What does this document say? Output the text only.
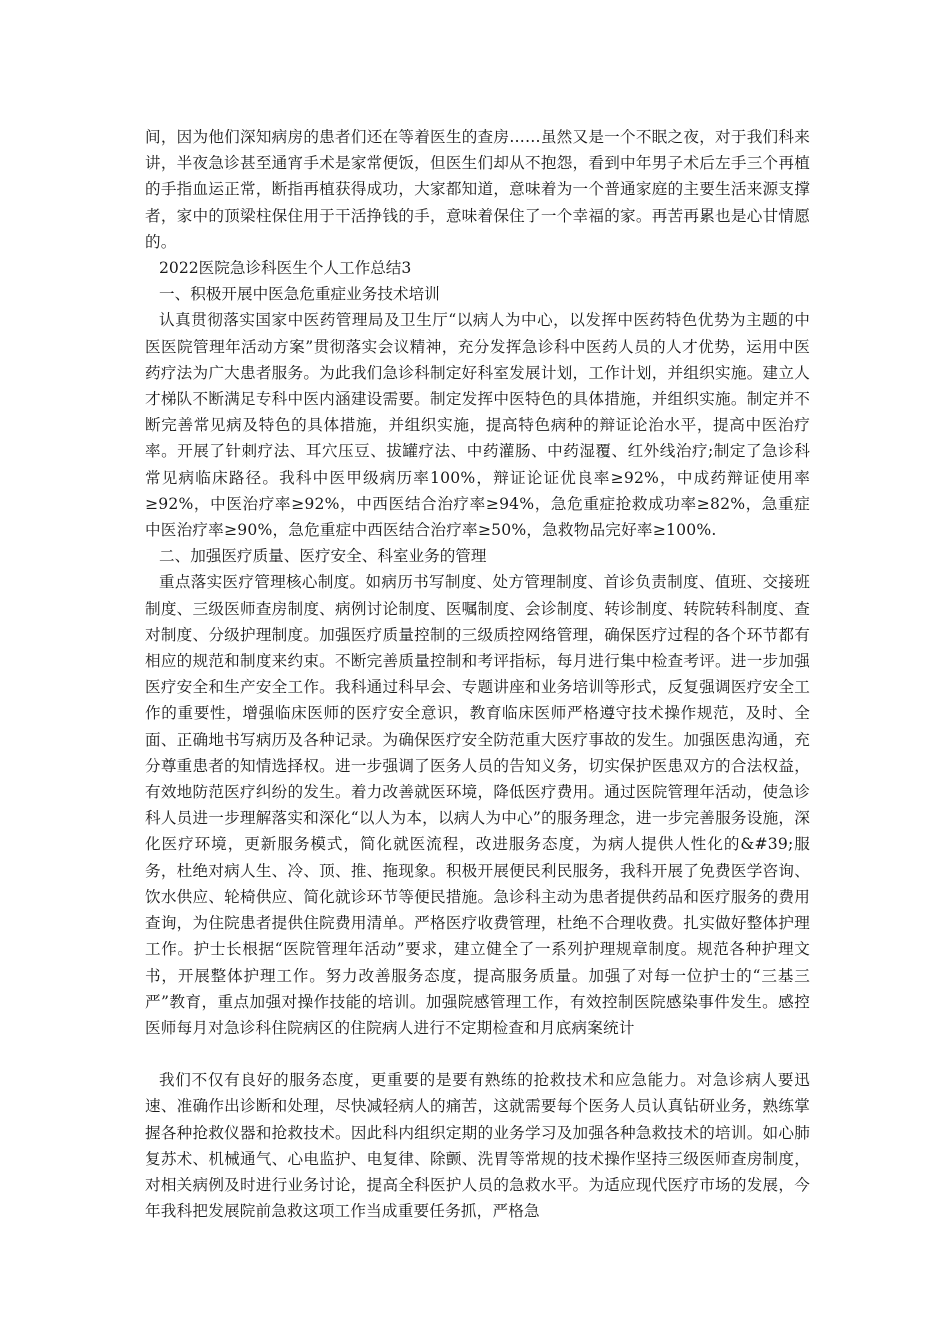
间，因为他们深知病房的患者们还在等着医生的查房……虽然又是一个不眠之夜，对于我们科来讲，半夜急诊甚至通宵手术是家常便饭，但医生们却从不抱怨，看到中年男子术后左手三个再植的手指血运正常，断指再植获得成功，大家都知道，意味着为一个普通家庭的主要生活来源支撑者，家中的顶梁柱保住用于干活挣钱的手，意味着保住了一个幸福的家。再苦再累也是心甘情愿的。

2022医院急诊科医生个人工作总结3

一、积极开展中医急危重症业务技术培训

认真贯彻落实国家中医药管理局及卫生厅“以病人为中心，以发挥中医药特色优势为主题的中医医院管理年活动方案”贯彻落实会议精神，充分发挥急诊科中医药人员的人才优势，运用中医药疗法为广大患者服务。为此我们急诊科制定好科室发展计划，工作计划，并组织实施。建立人才梯队不断满足专科中医内涵建设需要。制定发挥中医特色的具体措施，并组织实施。制定并不断完善常见病及特色的具体措施，并组织实施，提高特色病种的辩证论治水平，提高中医治疗率。开展了针刺疗法、耳穴压豆、拔罐疗法、中药灌肠、中药湿覆、红外线治疗;制定了急诊科常见病临床路径。我科中医甲级病历率100%，辩证论证优良率≥92%，中成药辩证使用率≥92%，中医治疗率≥92%，中西医结合治疗率≥94%，急危重症抢救成功率≥82%，急重症中医治疗率≥90%，急危重症中西医结合治疗率≥50%，急救物品完好率≥100%.

二、加强医疗质量、医疗安全、科室业务的管理

重点落实医疗管理核心制度。如病历书写制度、处方管理制度、首诊负责制度、值班、交接班制度、三级医师查房制度、病例讨论制度、医嘱制度、会诊制度、转诊制度、转院转科制度、查对制度、分级护理制度。加强医疗质量控制的三级质控网络管理，确保医疗过程的各个环节都有相应的规范和制度来约束。不断完善质量控制和考评指标，每月进行集中检查考评。进一步加强医疗安全和生产安全工作。我科通过科早会、专题讲座和业务培训等形式，反复强调医疗安全工作的重要性，增强临床医师的医疗安全意识，教育临床医师严格遵守技术操作规范，及时、全面、正确地书写病历及各种记录。为确保医疗安全防范重大医疗事故的发生。加强医患沟通，充分尊重患者的知情选择权。进一步强调了医务人员的告知义务，切实保护医患双方的合法权益，有效地防范医疗纠纷的发生。着力改善就医环境，降低医疗费用。通过医院管理年活动，使急诊科人员进一步理解落实和深化“以人为本，以病人为中心”的服务理念，进一步完善服务设施，深化医疗环境，更新服务模式，简化就医流程，改进服务态度，为病人提供人性化的&#39;服务，杜绝对病人生、冷、顶、推、拖现象。积极开展便民利民服务，我科开展了免费医学咨询、饮水供应、轮椅供应、简化就诊环节等便民措施。急诊科主动为患者提供药品和医疗服务的费用查询，为住院患者提供住院费用清单。严格医疗收费管理，杜绝不合理收费。扎实做好整体护理工作。护士长根据“医院管理年活动”要求，建立健全了一系列护理规章制度。规范各种护理文书，开展整体护理工作。努力改善服务态度，提高服务质量。加强了对每一位护士的“三基三严”教育，重点加强对操作技能的培训。加强院感管理工作，有效控制医院感染事件发生。感控医师每月对急诊科住院病区的住院病人进行不定期检查和月底病案统计

我们不仅有良好的服务态度，更重要的是要有熟练的抢救技术和应急能力。对急诊病人要迅速、准确作出诊断和处理，尽快减轻病人的痛苦，这就需要每个医务人员认真钻研业务，熟练掌握各种抢救仪器和抢救技术。因此科内组织定期的业务学习及加强各种急救技术的培训。如心肺复苏术、机械通气、心电监护、电复律、除颤、洗胃等常规的技术操作坚持三级医师查房制度，对相关病例及时进行业务讨论，提高全科医护人员的急救水平。为适应现代医疗市场的发展，今年我科把发展院前急救这项工作当成重要任务抓，严格急
